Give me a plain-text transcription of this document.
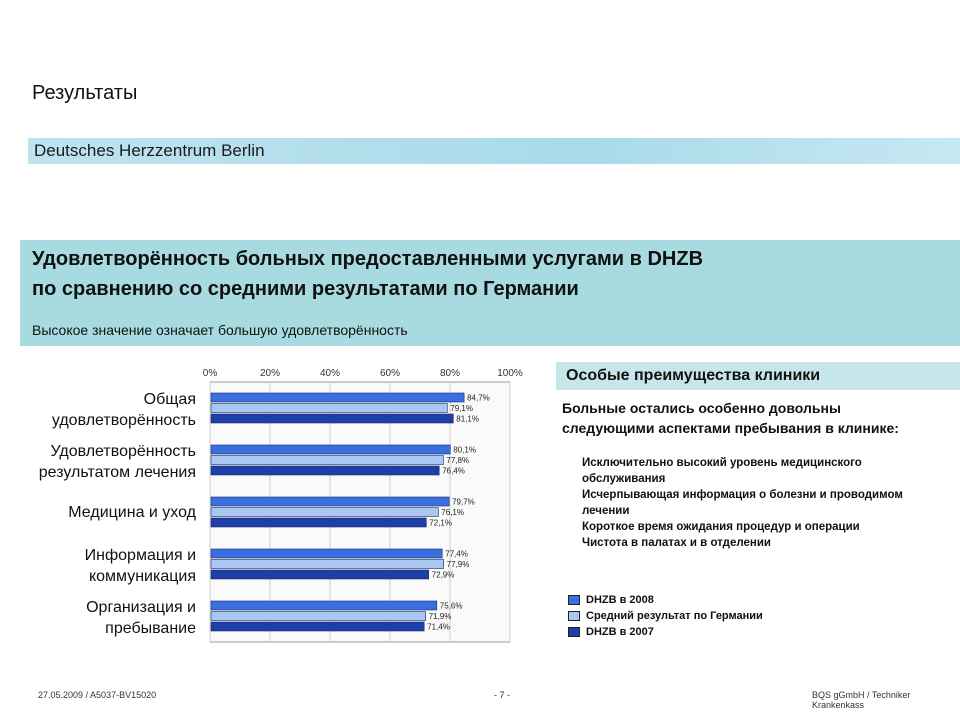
Результаты
Deutsches Herzzentrum Berlin
Удовлетворённость больных предоставленными услугами в DHZB
по сравнению со средними результатами по Германии
Высокое значение означает большую удовлетворённость
0%	20%	40%	60%	80%	100%
84,7%
79,1%
81,1%
Общая
удовлетворённость
80,1%
77,8%
76,4%
Удовлетворённость
результатом лечения
79,7%
76,1%
72,1%
Медицина и уход
77,4%
77,9%
72,9%
Информация и
коммуникация
75,6%
71,9%
71,4%
Организация и
пребывание
Особые преимущества клиники
Больные остались особенно довольны
следующими аспектами пребывания в клинике:
Исключительно высокий уровень медицинского
обслуживания
Исчерпывающая информация о болезни и проводимом
лечении
Короткое время ожидания процедур и операции
Чистота в палатах и в отделении
DHZB в 2008
Средний результат по Германии
DHZB в 2007
27.05.2009 / A5037-BV15020	- 7 -	BQS gGmbH / Techniker Krankenkass
